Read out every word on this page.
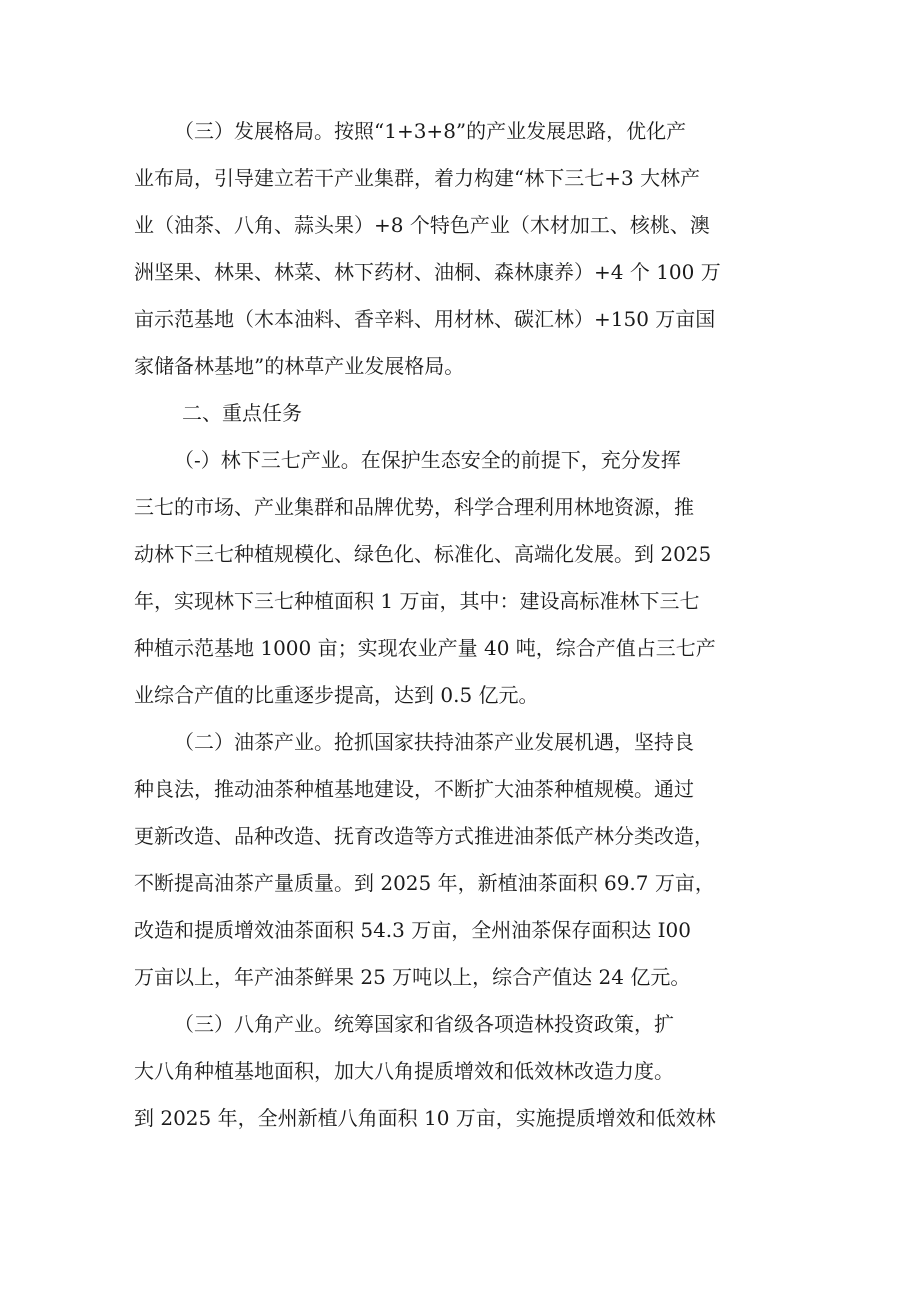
（三）发展格局。按照“1+3+8”的产业发展思路，优化产
业布局，引导建立若干产业集群，着力构建“林下三七+3 大林产
业（油茶、八角、蒜头果）+8 个特色产业（木材加工、核桃、澳
洲坚果、林果、林菜、林下药材、油桐、森林康养）+4 个 100 万
亩示范基地（木本油料、香辛料、用材林、碳汇林）+150 万亩国
家储备林基地”的林草产业发展格局。
二、重点任务
（-）林下三七产业。在保护生态安全的前提下，充分发挥
三七的市场、产业集群和品牌优势，科学合理利用林地资源，推
动林下三七种植规模化、绿色化、标准化、高端化发展。到 2025
年，实现林下三七种植面积 1 万亩，其中：建设高标准林下三七
种植示范基地 1000 亩；实现农业产量 40 吨，综合产值占三七产
业综合产值的比重逐步提高，达到 0.5 亿元。
（二）油茶产业。抢抓国家扶持油茶产业发展机遇，坚持良
种良法，推动油茶种植基地建设，不断扩大油茶种植规模。通过
更新改造、品种改造、抚育改造等方式推进油茶低产林分类改造，
不断提高油茶产量质量。到 2025 年，新植油茶面积 69.7 万亩，
改造和提质增效油茶面积 54.3 万亩，全州油茶保存面积达 I00
万亩以上，年产油茶鲜果 25 万吨以上，综合产值达 24 亿元。
（三）八角产业。统筹国家和省级各项造林投资政策，扩
大八角种植基地面积，加大八角提质增效和低效林改造力度。
到 2025 年，全州新植八角面积 10 万亩，实施提质增效和低效林
